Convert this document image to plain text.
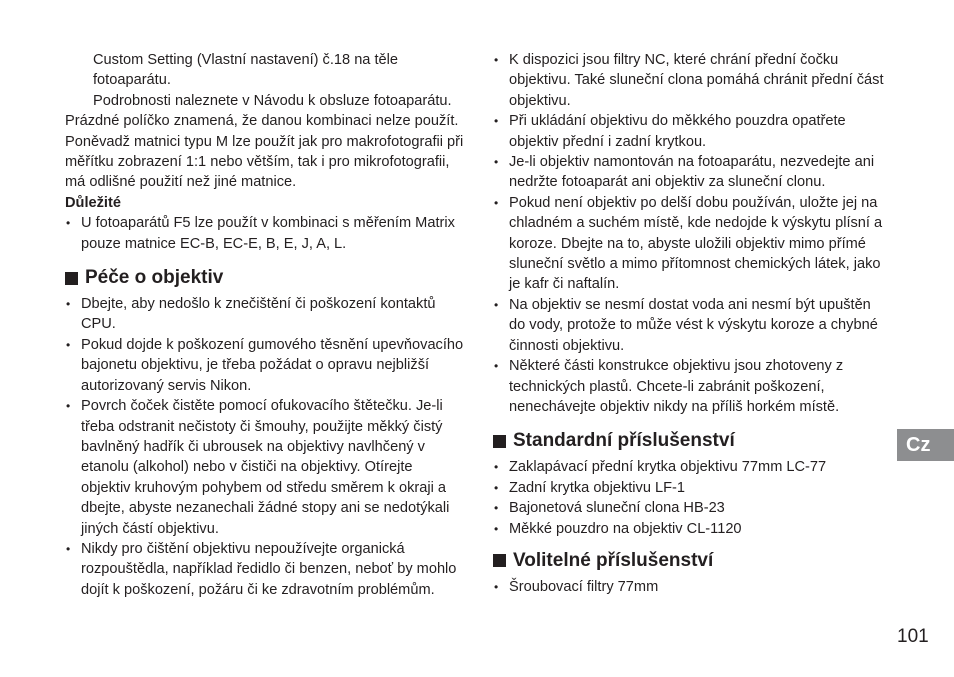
Custom Setting (Vlastní nastavení) č.18 na těle fotoaparátu.

Podrobnosti naleznete v Návodu k obsluze fotoaparátu.

Prázdné políčko znamená, že danou kombinaci nelze použít. Poněvadž matnici typu M lze použít jak pro makrofotografii při měřítku zobrazení 1:1 nebo větším, tak i pro mikrofotografii, má odlišné použití než jiné matnice.

Důležité

• U fotoaparátů F5 lze použít v kombinaci s měřením Matrix pouze matnice EC-B, EC-E, B, E, J, A, L.
Péče o objektiv
• Dbejte, aby nedošlo k znečištění či poškození kontaktů CPU.
• Pokud dojde k poškození gumového těsnění upevňovacího bajonetu objektivu, je třeba požádat o opravu nejbližší autorizovaný servis Nikon.
• Povrch čoček čistěte pomocí ofukovacího štětečku. Je-li třeba odstranit nečistoty či šmouhy, použijte měkký čistý bavlněný hadřík či ubrousek na objektivy navlhčený v etanolu (alkohol) nebo v čističi na objektivy. Otírejte objektiv kruhovým pohybem od středu směrem k okraji a dbejte, abyste nezanechali žádné stopy ani se nedotýkali jiných částí objektivu.
• Nikdy pro čištění objektivu nepoužívejte organická rozpouštědla, například ředidlo či benzen, neboť by mohlo dojít k poškození, požáru či ke zdravotním problémům.
• K dispozici jsou filtry NC, které chrání přední čočku objektivu. Také sluneční clona pomáhá chránit přední část objektivu.
• Při ukládání objektivu do měkkého pouzdra opatřete objektiv přední i zadní krytkou.
• Je-li objektiv namontován na fotoaparátu, nezvedejte ani nedržte fotoaparát ani objektiv za sluneční clonu.
• Pokud není objektiv po delší dobu používán, uložte jej na chladném a suchém místě, kde nedojde k výskytu plísní a koroze. Dbejte na to, abyste uložili objektiv mimo přímé sluneční světlo a mimo přítomnost chemických látek, jako je kafr či naftalín.
• Na objektiv se nesmí dostat voda ani nesmí být upuštěn do vody, protože to může vést k výskytu koroze a chybné činnosti objektivu.
• Některé části konstrukce objektivu jsou zhotoveny z technických plastů. Chcete-li zabránit poškození, nenechávejte objektiv nikdy na příliš horkém místě.
Standardní příslušenství
• Zaklapávací přední krytka objektivu 77mm LC-77
• Zadní krytka objektivu LF-1
• Bajonetová sluneční clona HB-23
• Měkké pouzdro na objektiv CL-1120
Volitelné příslušenství
• Šroubovací filtry 77mm
Cz
101
